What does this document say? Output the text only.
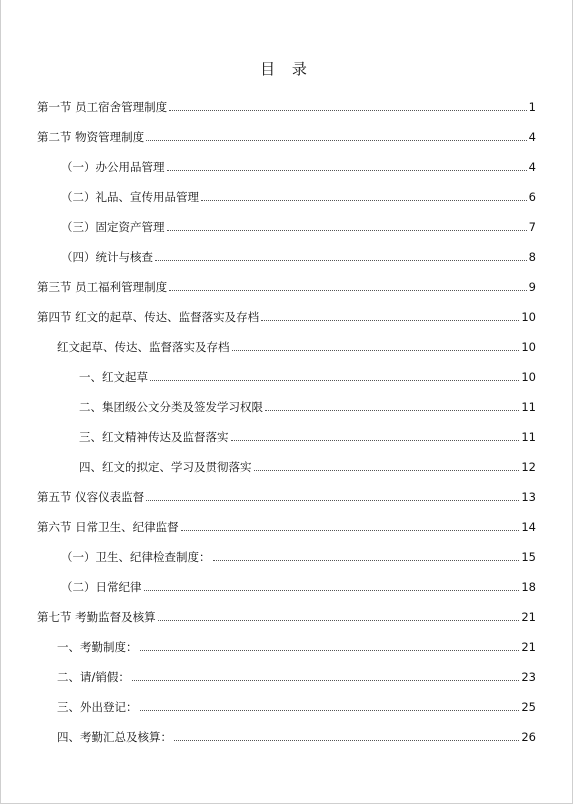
目 录
第一节 员工宿舍管理制度	1
第二节 物资管理制度	4
（一）办公用品管理	4
（二）礼品、宣传用品管理	6
（三）固定资产管理	7
（四）统计与核查	8
第三节 员工福利管理制度	9
第四节 红文的起草、传达、监督落实及存档	10
红文起草、传达、监督落实及存档	10
一、红文起草	10
二、集团级公文分类及签发学习权限	11
三、红文精神传达及监督落实	11
四、红文的拟定、学习及贯彻落实	12
第五节 仪容仪表监督	13
第六节 日常卫生、纪律监督	14
（一）卫生、纪律检查制度：	15
（二）日常纪律	18
第七节 考勤监督及核算	21
一、考勤制度：	21
二、请/销假：	23
三、外出登记：	25
四、考勤汇总及核算：	26
